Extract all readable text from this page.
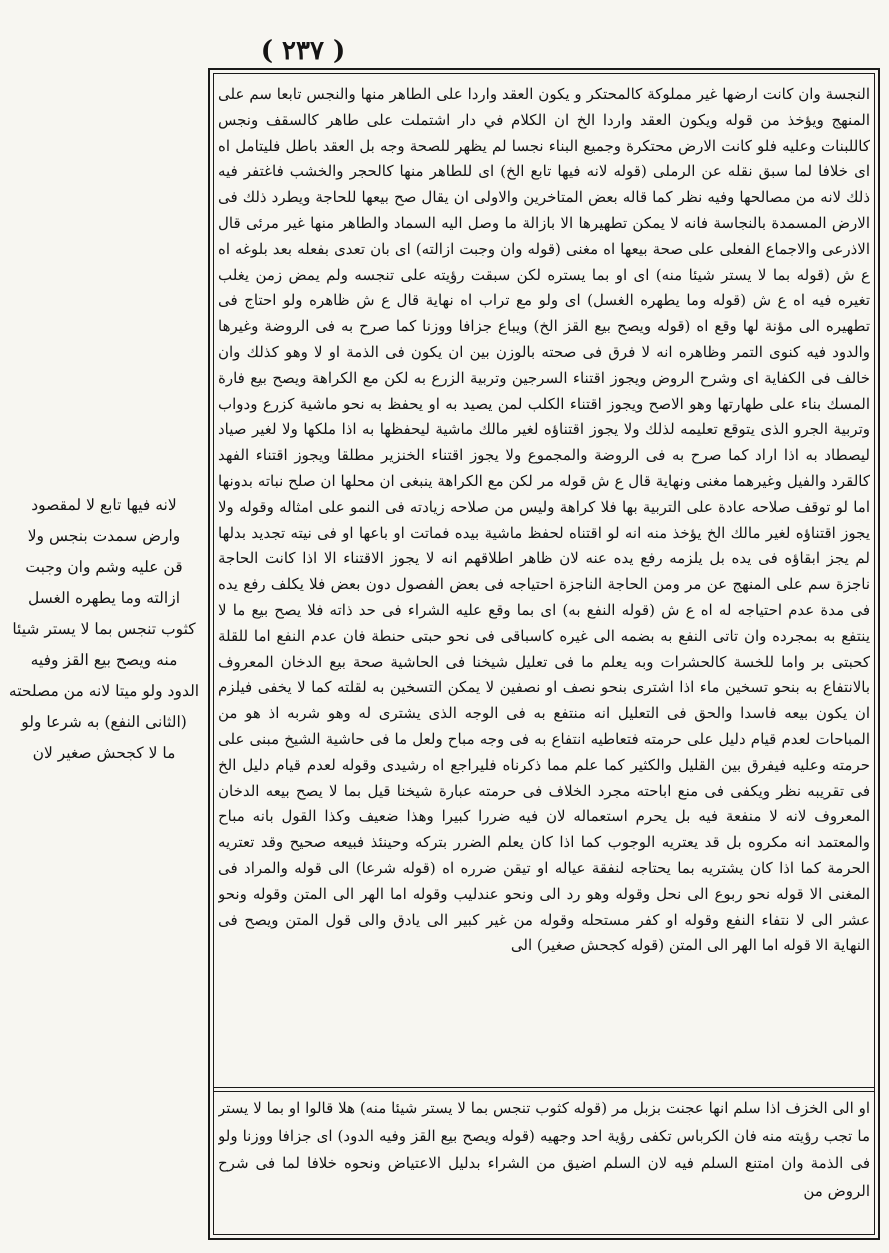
( ٢٣٧ )

النجسة وان كانت ارضها غير مملوكة كالمحتكر و يكون العقد واردا على الطاهر منها والنجس تابعا سم على المنهج ويؤخذ من قوله ويكون العقد واردا الخ ان الكلام في دار اشتملت على طاهر كالسقف ونجس كاللبنات وعليه فلو كانت الارض محتكرة وجميع البناء نجسا لم يظهر للصحة وجه بل العقد باطل فليتامل اه اى خلافا لما سبق نقله عن الرملى (قوله لانه فيها تابع الخ) اى للطاهر منها كالحجر والخشب فاغتفر فيه ذلك لانه من مصالحها وفيه نظر كما قاله بعض المتاخرين والاولى ان يقال صح بيعها للحاجة ويطرد ذلك فى الارض المسمدة بالنجاسة فانه لا يمكن تطهيرها الا بازالة ما وصل اليه السماد والطاهر منها غير مرئى قال الاذرعى والاجماع الفعلى على صحة بيعها اه مغنى (قوله وان وجبت ازالته) اى بان تعدى بفعله بعد بلوغه اه ع ش (قوله بما لا يستر شيئا منه) اى او بما يستره لكن سبقت رؤيته على تنجسه ولم يمض زمن يغلب تغيره فيه اه ع ش (قوله وما يطهره الغسل) اى ولو مع تراب اه نهاية قال ع ش ظاهره ولو احتاج فى تطهيره الى مؤنة لها وقع اه (قوله ويصح بيع القز الخ) ويباع جزافا ووزنا كما صرح به فى الروضة وغيرها والدود فيه كنوى التمر وظاهره انه لا فرق فى صحته بالوزن بين ان يكون فى الذمة او لا وهو كذلك وان خالف فى الكفاية اى وشرح الروض ويجوز اقتناء السرجين وتربية الزرع به لكن مع الكراهة ويصح بيع فارة المسك بناء على طهارتها وهو الاصح ويجوز اقتناء الكلب لمن يصيد به او يحفظ به نحو ماشية كزرع ودواب وتربية الجرو الذى يتوقع تعليمه لذلك ولا يجوز اقتناؤه لغير مالك ماشية ليحفظها به اذا ملكها ولا لغير صياد ليصطاد به اذا اراد كما صرح به فى الروضة والمجموع ولا يجوز اقتناء الخنزير مطلقا ويجوز اقتناء الفهد كالقرد والفيل وغيرهما مغنى ونهاية قال ع ش قوله مر لكن مع الكراهة ينبغى ان محلها ان صلح نباته بدونها اما لو توقف صلاحه عادة على التربية بها فلا كراهة وليس من صلاحه زيادته فى النمو على امثاله وقوله ولا يجوز اقتناؤه لغير مالك الخ يؤخذ منه انه لو اقتناه لحفظ ماشية بيده فماتت او باعها او فى نيته تجديد بدلها لم يجز ابقاؤه فى يده بل يلزمه رفع يده عنه لان ظاهر اطلاقهم انه لا يجوز الاقتناء الا اذا كانت الحاجة ناجزة سم على المنهج عن مر ومن الحاجة الناجزة احتياجه فى بعض الفصول دون بعض فلا يكلف رفع يده فى مدة عدم احتياجه له اه ع ش (قوله النفع به) اى بما وقع عليه الشراء فى حد ذاته فلا يصح بيع ما لا ينتفع به بمجرده وان تاتى النفع به بضمه الى غيره كاسباقى فى نحو حبتى حنطة فان عدم النفع اما للقلة كحبتى بر واما للخسة كالحشرات وبه يعلم ما فى تعليل شيخنا فى الحاشية صحة بيع الدخان المعروف بالانتفاع به بنحو تسخين ماء اذا اشترى بنحو نصف او نصفين لا يمكن التسخين به لقلته كما لا يخفى فيلزم ان يكون بيعه فاسدا والحق فى التعليل انه منتفع به فى الوجه الذى يشترى له وهو شربه اذ هو من المباحات لعدم قيام دليل على حرمته فتعاطيه انتفاع به فى وجه مباح ولعل ما فى حاشية الشيخ مبنى على حرمته وعليه فيفرق بين القليل والكثير كما علم مما ذكرناه فليراجع اه رشيدى وقوله لعدم قيام دليل الخ فى تقريبه نظر ويكفى فى منع اباحته مجرد الخلاف فى حرمته عبارة شيخنا قيل بما لا يصح بيعه الدخان المعروف لانه لا منفعة فيه بل يحرم استعماله لان فيه ضررا كبيرا وهذا ضعيف وكذا القول بانه مباح والمعتمد انه مكروه بل قد يعتريه الوجوب كما اذا كان يعلم الضرر بتركه وحينئذ فبيعه صحيح وقد تعتريه الحرمة كما اذا كان يشتريه بما يحتاجه لنفقة عياله او تيقن ضرره اه (قوله شرعا) الى قوله والمراد فى المغنى الا قوله نحو ربوع الى نحل وقوله وهو رد الى ونحو عندليب وقوله اما الهر الى المتن وقوله ونحو عشر الى لا نتفاء النفع وقوله او كفر مستحله وقوله من غير كبير الى يادق والى قول المتن ويصح فى النهاية الا قوله اما الهر الى المتن (قوله كجحش صغير) الى

او الى الخزف اذا سلم انها عجنت بزبل مر (قوله كثوب تنجس بما لا يستر شيئا منه) هلا قالوا او بما لا يستر ما تجب رؤيته منه فان الكرباس تكفى رؤية احد وجهيه (قوله ويصح بيع القز وفيه الدود) اى جزافا ووزنا ولو فى الذمة وان امتنع السلم فيه لان السلم اضيق من الشراء بدليل الاعتياض ونحوه خلافا لما فى شرح الروض من
لانه فيها تابع لا لمقصود
وارض سمدت بنجس ولا
قن عليه وشم وان وجبت
ازالته وما يطهره الغسل
كثوب تنجس بما لا يستر شيئا
منه ويصح بيع القز وفيه
الدود ولو ميتا لانه من مصلحته
(الثانى النفع) به شرعا ولو
ما لا كجحش صغير لان
